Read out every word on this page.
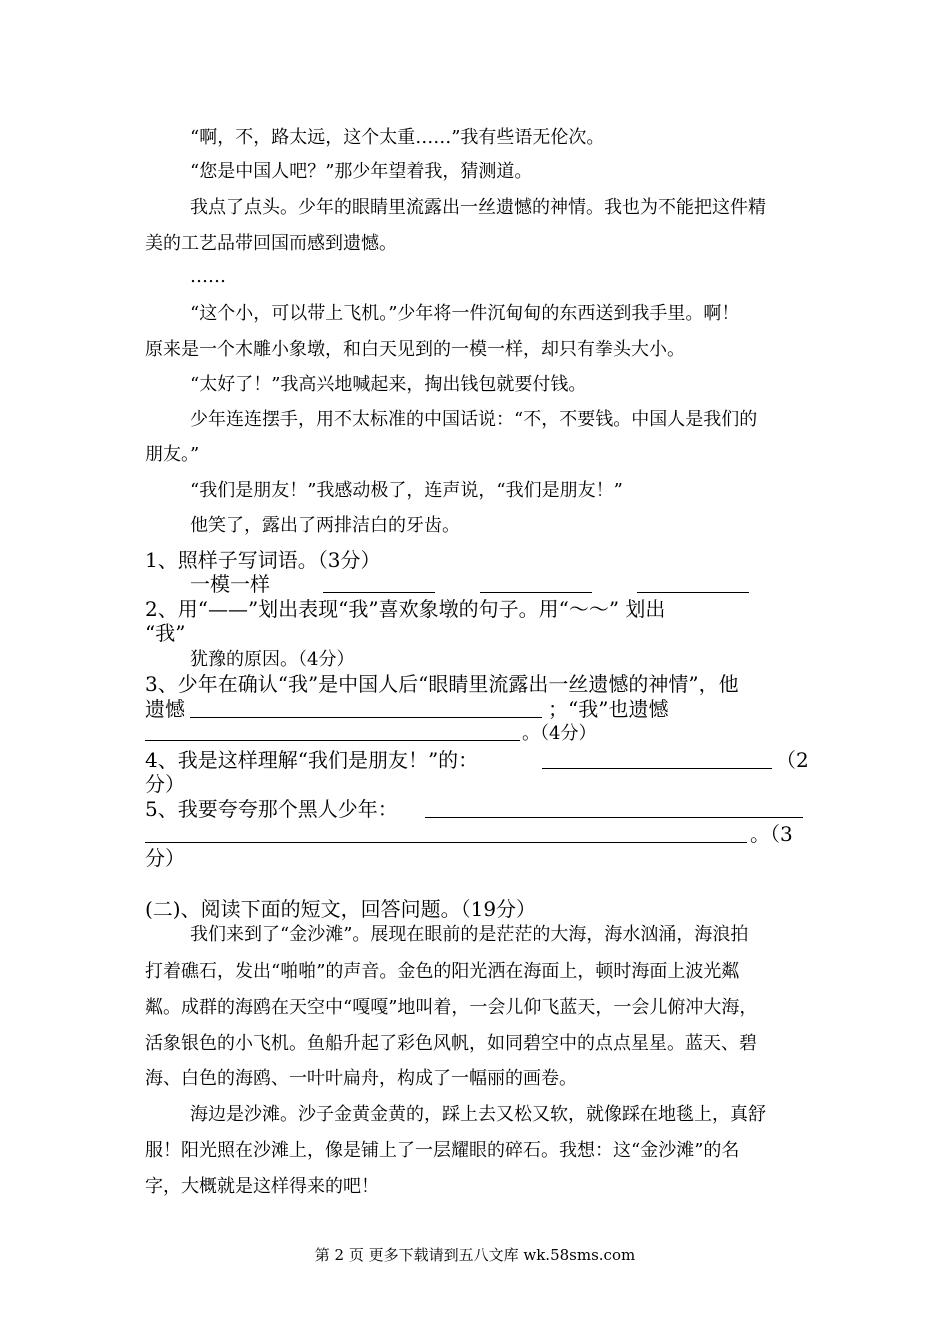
“啊，不，路太远，这个太重……”我有些语无伦次。
“您是中国人吧？”那少年望着我，猜测道。
我点了点头。少年的眼睛里流露出一丝遗憾的神情。我也为不能把这件精
美的工艺品带回国而感到遗憾。
……
“这个小，可以带上飞机。”少年将一件沉甸甸的东西送到我手里。啊！
原来是一个木雕小象墩，和白天见到的一模一样，却只有拳头大小。
“太好了！”我高兴地喊起来，掏出钱包就要付钱。
少年连连摆手，用不太标准的中国话说：“不，不要钱。中国人是我们的
朋友。”
“我们是朋友！”我感动极了，连声说，“我们是朋友！”
他笑了，露出了两排洁白的牙齿。
1、照样子写词语。（3分）
一模一样
2、用“——”划出表现“我”喜欢象墩的句子。用“～～” 划出
“我”
犹豫的原因。（4分）
3、少年在确认“我”是中国人后“眼睛里流露出一丝遗憾的神情”，他
遗憾	；“我”也遗憾
。（4分）
4、我是这样理解“我们是朋友！”的：	（2
分）
5、我要夸夸那个黑人少年：
。（3
分）
(二)、阅读下面的短文，回答问题。（19分）
我们来到了“金沙滩”。展现在眼前的是茫茫的大海，海水汹涌，海浪拍
打着礁石，发出“啪啪”的声音。金色的阳光洒在海面上，顿时海面上波光粼
粼。成群的海鸥在天空中“嘎嘎”地叫着，一会儿仰飞蓝天，一会儿俯冲大海，
活象银色的小飞机。鱼船升起了彩色风帆，如同碧空中的点点星星。蓝天、碧
海、白色的海鸥、一叶叶扁舟，构成了一幅丽的画卷。
海边是沙滩。沙子金黄金黄的，踩上去又松又软，就像踩在地毯上，真舒
服！阳光照在沙滩上，像是铺上了一层耀眼的碎石。我想：这“金沙滩”的名
字，大概就是这样得来的吧！
第 2 页 更多下载请到五八文库 wk.58sms.com
